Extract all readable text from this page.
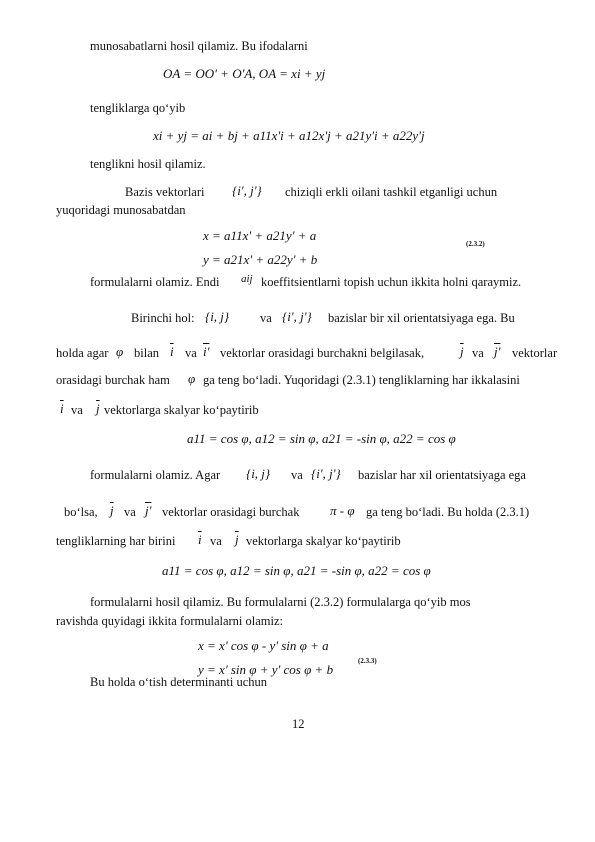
munosabatlarni hosil qilamiz. Bu ifodalarni
OA = OO' + O'A, OA = xi + yj
tengliklarga qo‘yib
xi + yj = ai + bj + a11x'i + a12x'j + a21y'i + a22y'j
tenglikni hosil qilamiz.
Bazis vektorlari {i', j'} chiziqli erkli oilani tashkil etganligi uchun
yuqoridagi munosabatdan
x = a11x' + a21y' + a
y = a21x' + a22y' + b
(2.3.2)
formulalarni olamiz. Endi aij koeffitsientlarni topish uchun ikkita holni qaraymiz.
Birinchi hol: {i, j} va {i', j'} bazislar bir xil orientatsiyaga ega. Bu
holda agar φ bilan $\overline{i}$ va i' vektorlar orasidagi burchakni belgilasak,	$\overline{j}$ va j' vektorlar
orasidagi burchak ham φ ga teng bo‘ladi. Yuqoridagi (2.3.1) tengliklarning har ikkalasini
$\overline{i}$ va $\overline{j}$ vektorlarga skalyar ko‘paytirib
a11 = cos φ, a12 = sin φ, a21 = -sin φ, a22 = cos φ
formulalarni olamiz. Agar {i, j} va {i', j'} bazislar har xil orientatsiyaga ega
bo‘lsa, $\overline{j}$ va j' vektorlar orasidagi burchak π - φ ga teng bo‘ladi. Bu holda (2.3.1)
tengliklarning har birini $\overline{i}$ va $\overline{j}$ vektorlarga skalyar ko‘paytirib
a11 = cos φ, a12 = sin φ, a21 = -sin φ, a22 = cos φ
formulalarni hosil qilamiz. Bu formulalarni (2.3.2) formulalarga qo‘yib mos
ravishda quyidagi ikkita formulalarni olamiz:
x = x' cos φ - y' sin φ + a
y = x' sin φ + y' cos φ + b
(2.3.3)
Bu holda o‘tish determinanti uchun
12
